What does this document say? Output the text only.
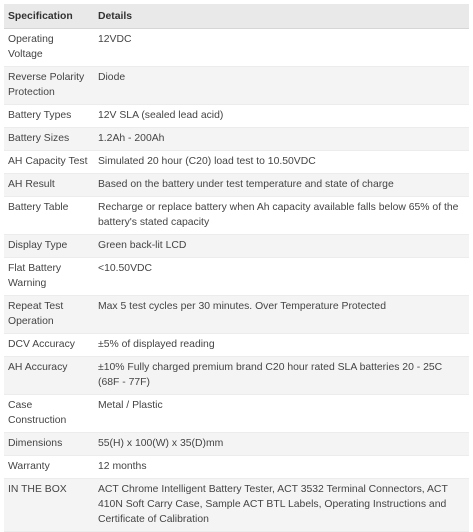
Specification	Details
Operating Voltage	12VDC
Reverse Polarity Protection	Diode
Battery Types	12V SLA (sealed lead acid)
Battery Sizes	1.2Ah - 200Ah
AH Capacity Test	Simulated 20 hour (C20) load test to 10.50VDC
AH Result	Based on the battery under test temperature and state of charge
Battery Table	Recharge or replace battery when Ah capacity available falls below 65% of the battery's stated capacity
Display Type	Green back-lit LCD
Flat Battery Warning	<10.50VDC
Repeat Test Operation	Max 5 test cycles per 30 minutes. Over Temperature Protected
DCV Accuracy	±5% of displayed reading
AH Accuracy	±10% Fully charged premium brand C20 hour rated SLA batteries 20 - 25C (68F - 77F)
Case Construction	Metal / Plastic
Dimensions	55(H) x 100(W) x 35(D)mm
Warranty	12 months
IN THE BOX	ACT Chrome Intelligent Battery Tester, ACT 3532 Terminal Connectors, ACT 410N Soft Carry Case, Sample ACT BTL Labels, Operating Instructions and Certificate of Calibration
